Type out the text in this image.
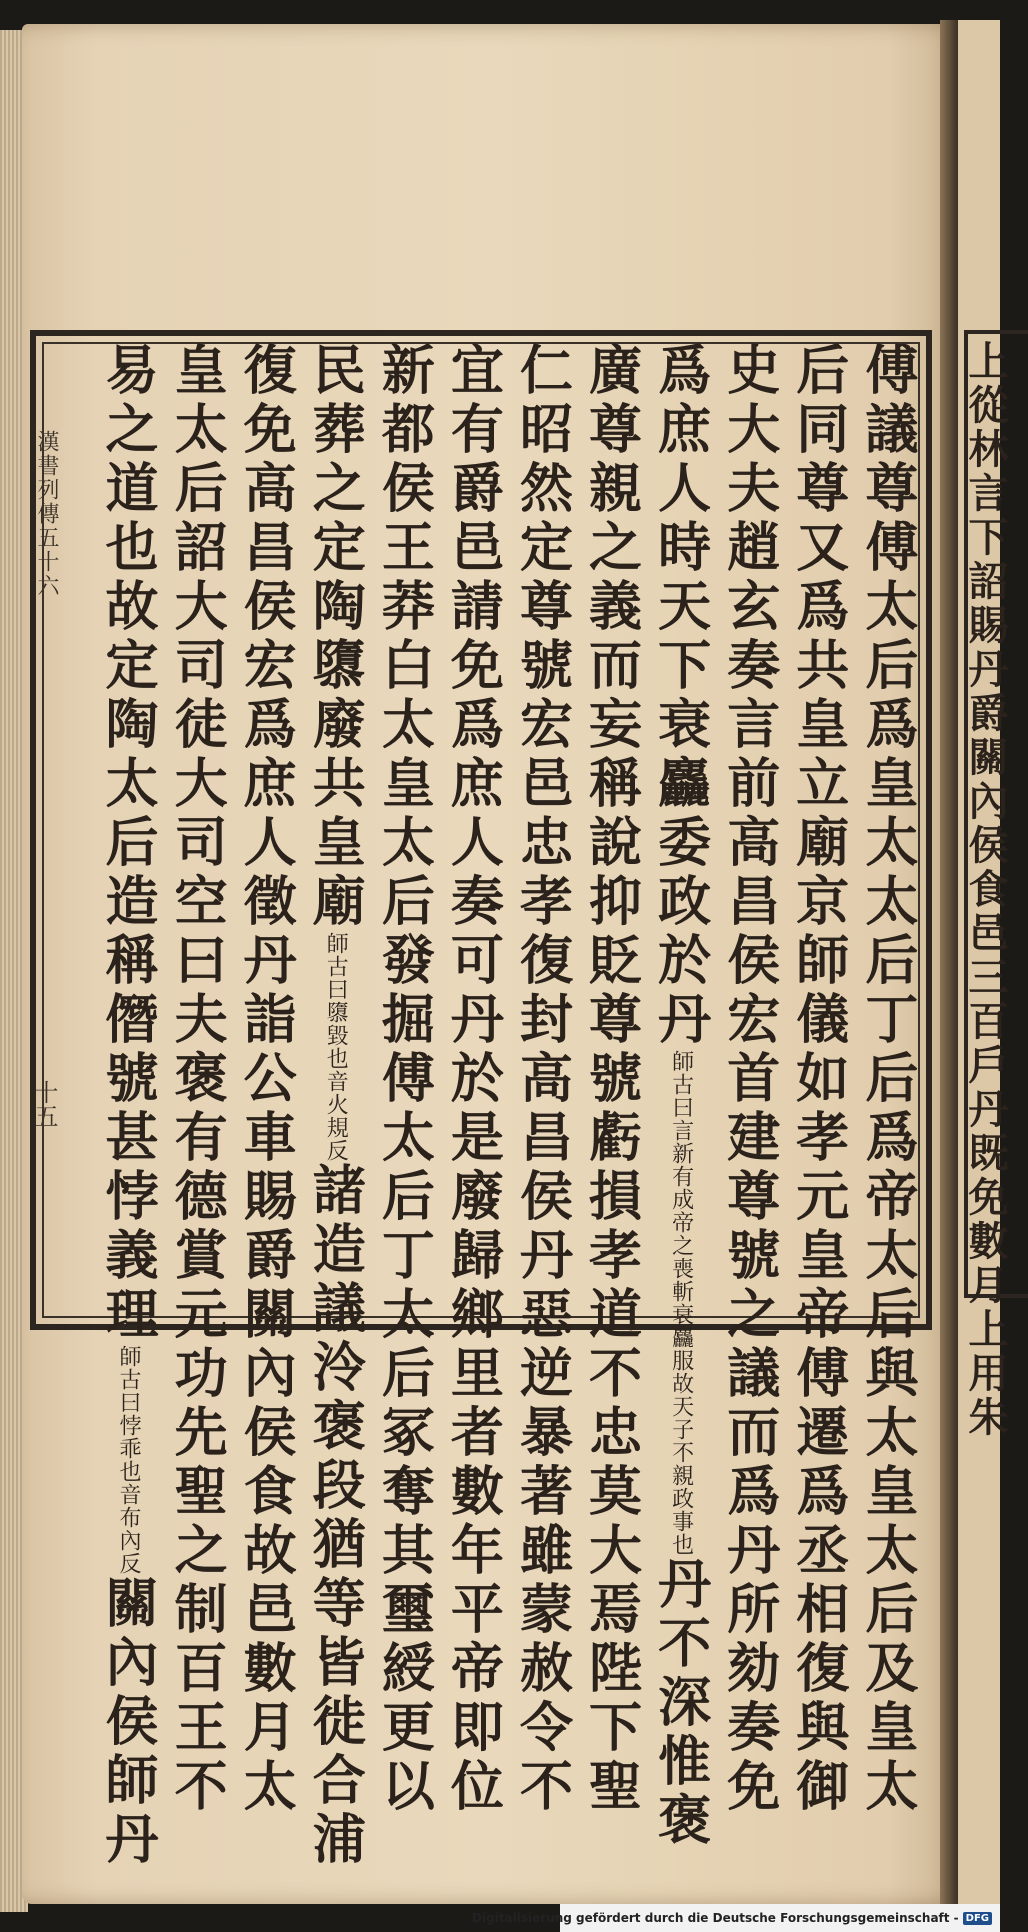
上從林言下詔賜丹爵關內侯食邑三百戶丹既免數月上用朱
漢書列傳五十六
十五	傅議尊傅太后爲皇太太后丁后爲帝太后與太皇太后及皇太
后同尊又爲共皇立廟京師儀如孝元皇帝傅遷爲丞相復與御
史大夫趙玄奏言前高昌侯宏首建尊號之議而爲丹所劾奏免
爲庶人時天下衰麤委政於丹師古曰言新有成帝之喪斬衰麤服故天子不親政事也丹不深惟褒
廣尊親之義而妄稱說抑貶尊號虧損孝道不忠莫大焉陛下聖
仁昭然定尊號宏邑忠孝復封高昌侯丹惡逆暴著雖蒙赦令不
宜有爵邑請免爲庶人奏可丹於是廢歸鄉里者數年平帝即位
新都侯王莽白太皇太后發掘傅太后丁太后冢奪其璽綬更以
民葬之定陶隳廢共皇廟師古曰隳毀也音火規反諸造議泠褒段猶等皆徙合浦
復免高昌侯宏爲庶人徵丹詣公車賜爵關內侯食故邑數月太
皇太后詔大司徒大司空曰夫褒有德賞元功先聖之制百王不
易之道也故定陶太后造稱僭號甚悖義理師古曰悖乖也音布內反關內侯師丹
Digitalisierung gefördert durch die Deutsche Forschungsgemeinschaft - DFG
